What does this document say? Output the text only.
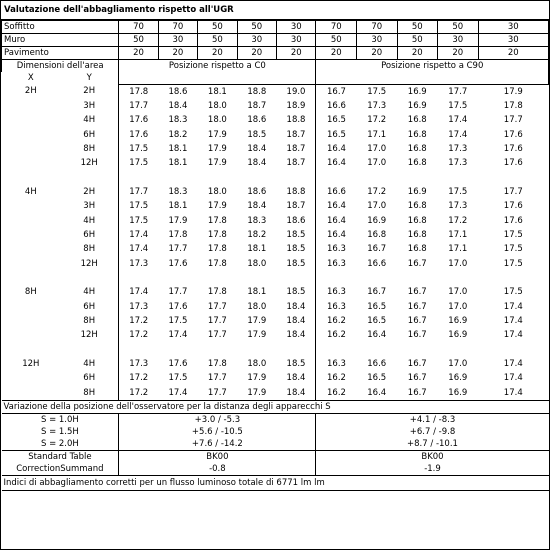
Valutazione dell'abbagliamento rispetto all'UGR
Soffitto		70	70	50	50	30	70	70	50	50	30
Muro		50	30	50	30	30	50	30	50	30	30
Pavimento		20	20	20	20	20	20	20	20	20	20
Dimensioni dell'area		Posizione rispetto a C0					Posizione rispetto a C90				
X	Y										
2H	2H	17.8	18.6	18.1	18.8	19.0	16.7	17.5	16.9	17.7	17.9
	3H	17.7	18.4	18.0	18.7	18.9	16.6	17.3	16.9	17.5	17.8
	4H	17.6	18.3	18.0	18.6	18.8	16.5	17.2	16.8	17.4	17.7
	6H	17.6	18.2	17.9	18.5	18.7	16.5	17.1	16.8	17.4	17.6
	8H	17.5	18.1	17.9	18.4	18.7	16.4	17.0	16.8	17.3	17.6
	12H	17.5	18.1	17.9	18.4	18.7	16.4	17.0	16.8	17.3	17.6

4H	2H	17.7	18.3	18.0	18.6	18.8	16.6	17.2	16.9	17.5	17.7
	3H	17.5	18.1	17.9	18.4	18.7	16.4	17.0	16.8	17.3	17.6
	4H	17.5	17.9	17.8	18.3	18.6	16.4	16.9	16.8	17.2	17.6
	6H	17.4	17.8	17.8	18.2	18.5	16.4	16.8	16.8	17.1	17.5
	8H	17.4	17.7	17.8	18.1	18.5	16.3	16.7	16.8	17.1	17.5
	12H	17.3	17.6	17.8	18.0	18.5	16.3	16.6	16.7	17.0	17.5

8H	4H	17.4	17.7	17.8	18.1	18.5	16.3	16.7	16.7	17.0	17.5
	6H	17.3	17.6	17.7	18.0	18.4	16.3	16.5	16.7	17.0	17.4
	8H	17.2	17.5	17.7	17.9	18.4	16.2	16.5	16.7	16.9	17.4
	12H	17.2	17.4	17.7	17.9	18.4	16.2	16.4	16.7	16.9	17.4

12H	4H	17.3	17.6	17.8	18.0	18.5	16.3	16.6	16.7	17.0	17.4
	6H	17.2	17.5	17.7	17.9	18.4	16.2	16.5	16.7	16.9	17.4
	8H	17.2	17.4	17.7	17.9	18.4	16.2	16.4	16.7	16.9	17.4
Variazione della posizione dell'osservatore per la distanza degli apparecchi S											
S = 1.0H		+3.0 / -5.3					+4.1 / -8.3				
S = 1.5H		+5.6 / -10.5					+6.7 / -9.8				
S = 2.0H		+7.6 / -14.2					+8.7 / -10.1				
Standard Table		BK00					BK00				
CorrectionSummand		-0.8					-1.9				
Indici di abbagliamento corretti per un flusso luminoso totale di 6771 lm lm											
